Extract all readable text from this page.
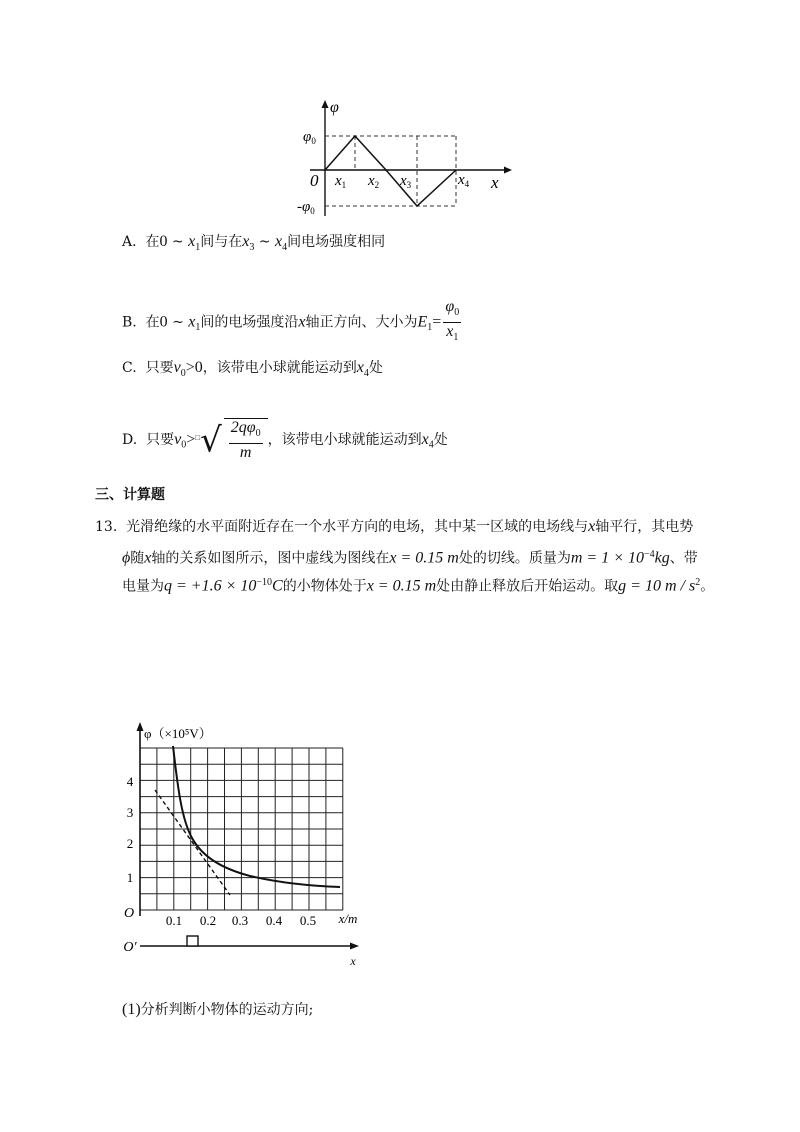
φ
$\varphi_0$
$-\varphi_0$
0 $x_1$ $x_2$ $x_3$	$x_4$ x
A. 在0 ~ $x_1$间与在$x_3$ ~ $x_4$间电场强度相同
B. 在0 ~ $x_1$间的电场强度沿x轴正方向、大小为$E_1= \frac{\varphi_0}{x_1}$
C. 只要$v_0>0$，该带电小球就能运动到$x_4$处
D. 只要$v_0>^□√ \frac{2q\varphi_0}{m}$ ，该带电小球就能运动到$x_4$处
三、计算题
13. 光滑绝缘的水平面附近存在一个水平方向的电场，其中某一区域的电场线与x轴平行，其电势
ϕ随x轴的关系如图所示，图中虚线为图线在x = 0.15 m处的切线。质量为$m = 1 \times 10^{-4}kg$、带
电量为$q = +1.6 \times 10^{-10}C$的小物体处于x = 0.15 m处由静止释放后开始运动。取g = 10 m / $s^2$。
φ（×10⁵V）
4
3
2
1
O 0.1 0.2 0.3 0.4 0.5 x/m
O′
x
(1)分析判断小物体的运动方向;
